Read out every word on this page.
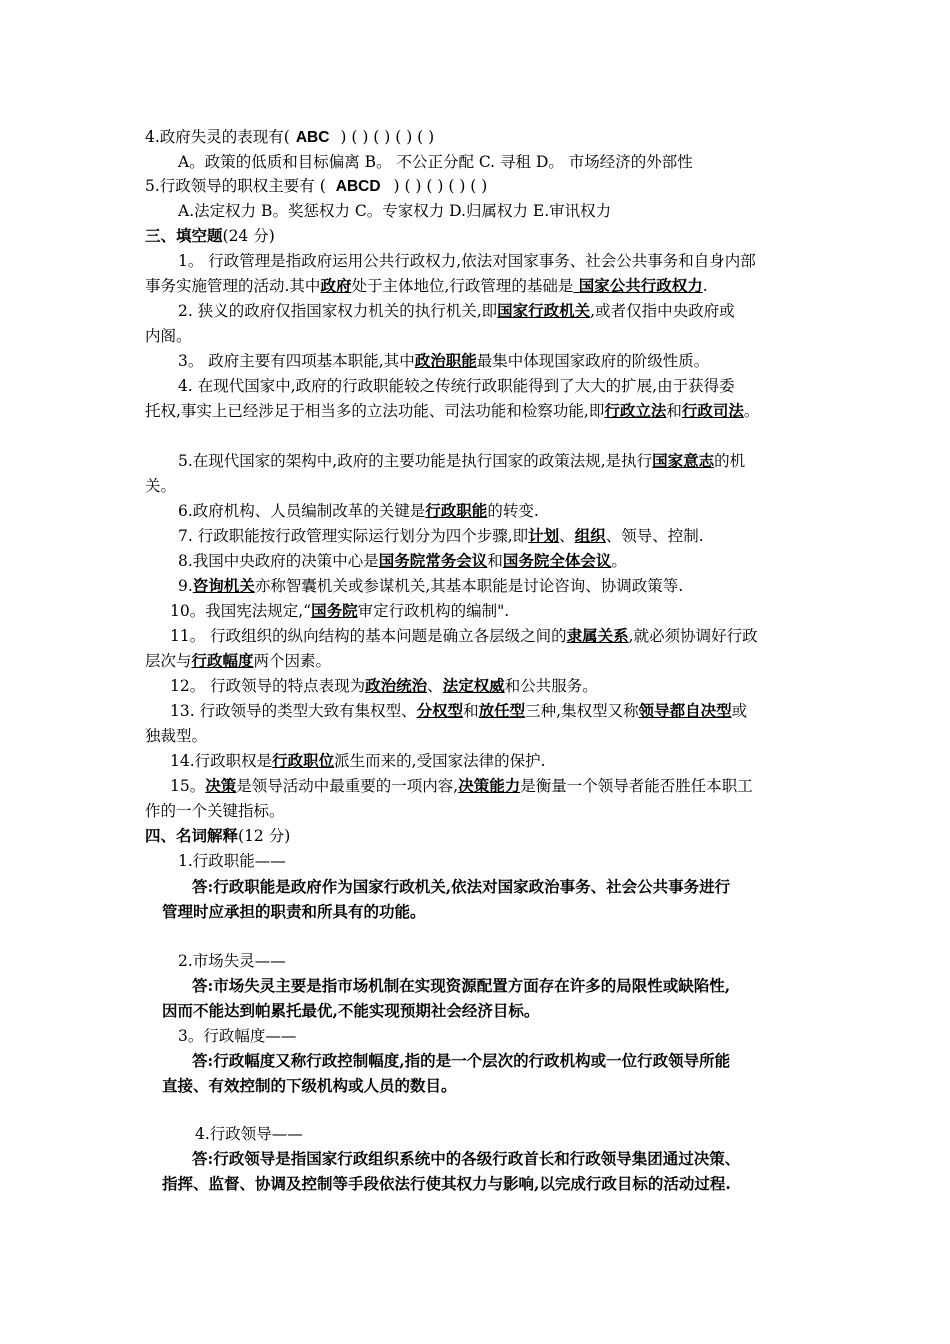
4.政府失灵的表现有( ABC ) ( ) ( ) ( ) ( )
A。政策的低质和目标偏离 B。 不公正分配 C. 寻租 D。 市场经济的外部性
5.行政领导的职权主要有 ( ABCD ) ( ) ( ) ( ) ( )
A.法定权力 B。奖惩权力 C。专家权力 D.归属权力 E.审讯权力
三、填空题(24 分)
1。 行政管理是指政府运用公共行政权力,依法对国家事务、社会公共事务和自身内部
事务实施管理的活动.其中政府处于主体地位,行政管理的基础是 国家公共行政权力.
2. 狭义的政府仅指国家权力机关的执行机关,即国家行政机关,或者仅指中央政府或
内阁。
3。 政府主要有四项基本职能,其中政治职能最集中体现国家政府的阶级性质。
4. 在现代国家中,政府的行政职能较之传统行政职能得到了大大的扩展,由于获得委
托权,事实上已经涉足于相当多的立法功能、司法功能和检察功能,即行政立法和行政司法。
5.在现代国家的架构中,政府的主要功能是执行国家的政策法规,是执行国家意志的机
关。
6.政府机构、人员编制改革的关键是行政职能的转变.
7. 行政职能按行政管理实际运行划分为四个步骤,即计划、组织、领导、控制.
8.我国中央政府的决策中心是国务院常务会议和国务院全体会议。
9.咨询机关亦称智囊机关或参谋机关,其基本职能是讨论咨询、协调政策等.
10。我国宪法规定,“国务院审定行政机构的编制".
11。 行政组织的纵向结构的基本问题是确立各层级之间的隶属关系,就必须协调好行政
层次与行政幅度两个因素。
12。 行政领导的特点表现为政治统治、法定权威和公共服务。
13. 行政领导的类型大致有集权型、分权型和放任型三种,集权型又称领导都自决型或
独裁型。
14.行政职权是行政职位派生而来的,受国家法律的保护.
15。决策是领导活动中最重要的一项内容,决策能力是衡量一个领导者能否胜任本职工
作的一个关键指标。
四、名词解释(12 分)
1.行政职能——
答:行政职能是政府作为国家行政机关,依法对国家政治事务、社会公共事务进行
管理时应承担的职责和所具有的功能。
2.市场失灵——
答:市场失灵主要是指市场机制在实现资源配置方面存在许多的局限性或缺陷性,
因而不能达到帕累托最优,不能实现预期社会经济目标。
3。行政幅度——
答:行政幅度又称行政控制幅度,指的是一个层次的行政机构或一位行政领导所能
直接、有效控制的下级机构或人员的数目。
4.行政领导——
答:行政领导是指国家行政组织系统中的各级行政首长和行政领导集团通过决策、
指挥、监督、协调及控制等手段依法行使其权力与影响,以完成行政目标的活动过程.
